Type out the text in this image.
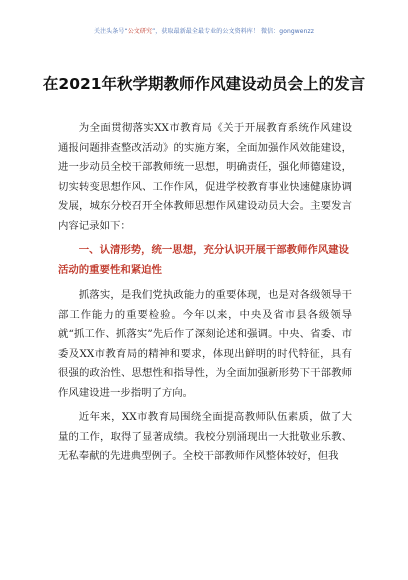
关注头条号“公文研究”，获取最新最全最专业的公文资料库！ 微信：gongwenzz
在2021年秋学期教师作风建设动员会上的发言

为全面贯彻落实XX市教育局《关于开展教育系统作风建设通报问题排查整改活动》的实施方案，全面加强作风效能建设，进一步动员全校干部教师统一思想，明确责任，强化师德建设，切实转变思想作风、工作作风，促进学校教育事业快速健康协调发展，城东分校召开全体教师思想作风建设动员大会。主要发言内容记录如下：

一、认清形势，统一思想，充分认识开展干部教师作风建设活动的重要性和紧迫性

抓落实，是我们党执政能力的重要体现，也是对各级领导干部工作能力的重要检验。今年以来，中央及省市县各级领导就“抓工作、抓落实”先后作了深刻论述和强调。中央、省委、市委及XX市教育局的精神和要求，体现出鲜明的时代特征，具有很强的政治性、思想性和指导性，为全面加强新形势下干部教师作风建设进一步指明了方向。

近年来，XX市教育局围绕全面提高教师队伍素质，做了大量的工作，取得了显著成绩。我校分别涌现出一大批敬业乐教、无私奉献的先进典型例子。全校干部教师作风整体较好，但我
